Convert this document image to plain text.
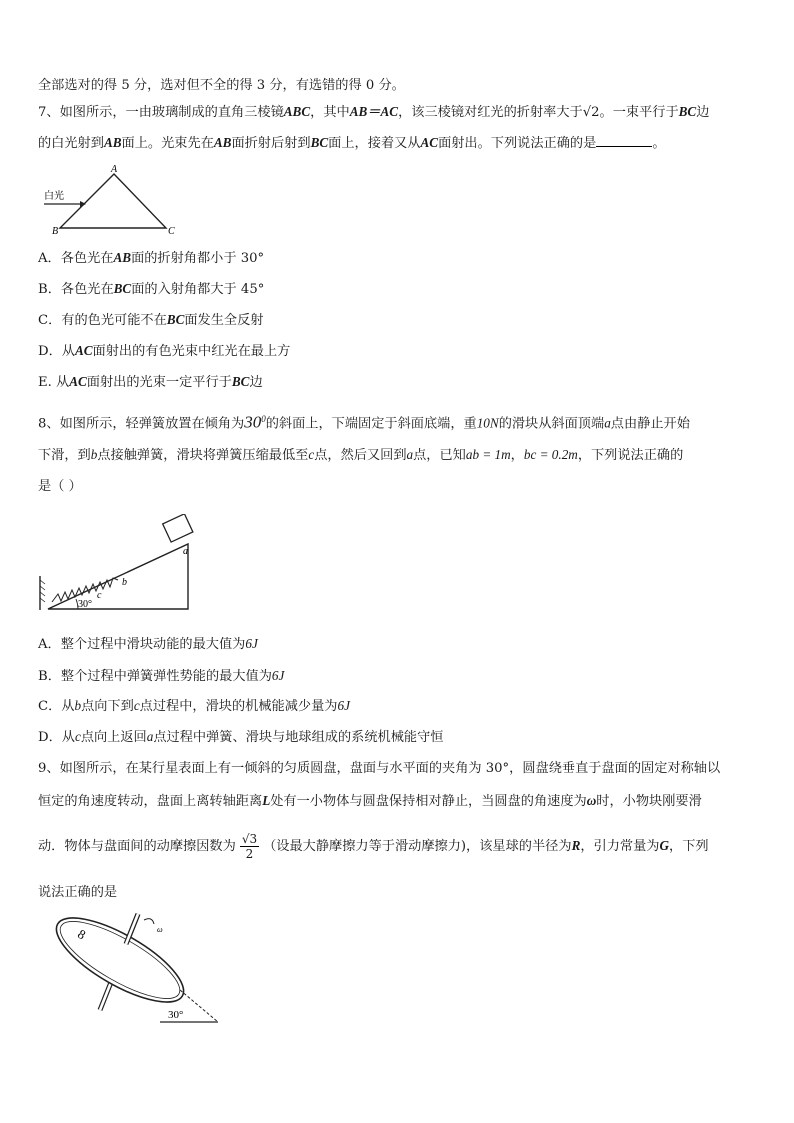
全部选对的得 5 分，选对但不全的得 3 分，有选错的得 0 分。
7、如图所示，一由玻璃制成的直角三棱镜ABC，其中AB＝AC，该三棱镜对红光的折射率大于√2。一束平行于BC边
的白光射到AB面上。光束先在AB面折射后射到BC面上，接着又从AC面射出。下列说法正确的是	。
A
B	C
白光
A．各色光在AB面的折射角都小于 30°
B．各色光在BC面的入射角都大于 45°
C．有的色光可能不在BC面发生全反射
D．从AC面射出的有色光束中红光在最上方
E. 从AC面射出的光束一定平行于BC边
8、如图所示，轻弹簧放置在倾角为$30^0$的斜面上，下端固定于斜面底端，重10N的滑块从斜面顶端a点由静止开始
下滑，到b点接触弹簧，滑块将弹簧压缩最低至c点，然后又回到a点，已知ab = 1m，bc = 0.2m，下列说法正确的
是（ ）
30°
a
b
c
A．整个过程中滑块动能的最大值为6J
B．整个过程中弹簧弹性势能的最大值为6J
C．从b点向下到c点过程中，滑块的机械能减少量为6J
D．从c点向上返回a点过程中弹簧、滑块与地球组成的系统机械能守恒
9、如图所示，在某行星表面上有一倾斜的匀质圆盘，盘面与水平面的夹角为 30°，圆盘绕垂直于盘面的固定对称轴以
恒定的角速度转动，盘面上离转轴距离L处有一小物体与圆盘保持相对静止，当圆盘的角速度为ω时，小物块刚要滑
动．物体与盘面间的动摩擦因数为 $\frac{√3}{2}$ （设最大静摩擦力等于滑动摩擦力)，该星球的半径为R，引力常量为G，下列
说法正确的是
ω
8
30°
